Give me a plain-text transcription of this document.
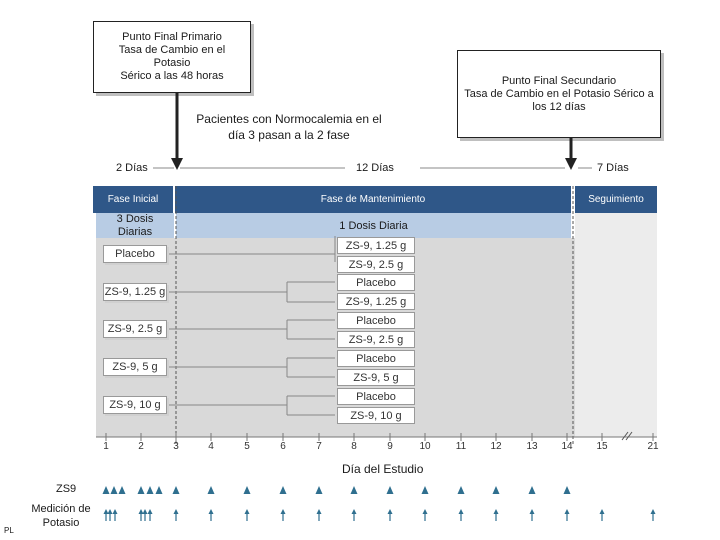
Fase Inicial	Fase de Mantenimiento	Seguimiento
3 Dosis
Diarias
1 Dosis Diaria
2 Días	12 Días	7 Días
Punto Final Primario
Tasa de Cambio en el Potasio
Sérico a las 48 horas	Punto Final Secundario
Tasa de Cambio en el Potasio Sérico a
los 12 días
Pacientes con Normocalemia en el
día 3 pasan a la 2 fase
Placebo
ZS-9, 1.25 g
ZS-9, 2.5 g
ZS-9, 5 g
ZS-9, 10 g
ZS-9, 1.25 g
ZS-9, 2.5 g
Placebo
ZS-9, 1.25 g
Placebo
ZS-9, 2.5 g
Placebo
ZS-9, 5 g
Placebo
ZS-9, 10 g
1	2	3	4	5	6	7	8	9	10	11	12	13	14	15	21
Día del Estudio
ZS9
Medición de
Potasio
PL
